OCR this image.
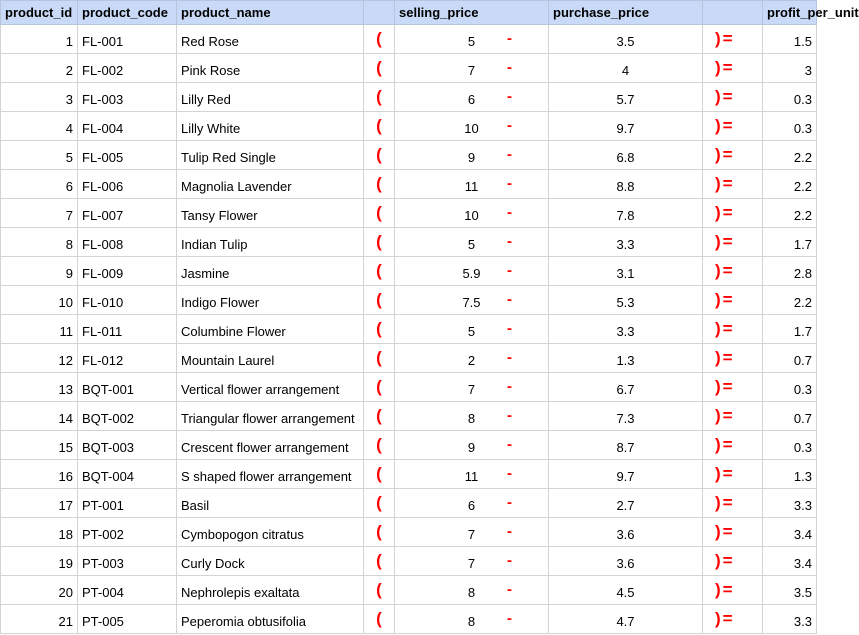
product_id	product_code	product_name		selling_price	purchase_price		profit_per_unit
1	FL-001	Red Rose	(	5	- 3.5	)=	1.5
2	FL-002	Pink Rose	(	7	- 4	)=	3
3	FL-003	Lilly Red	(	6	- 5.7	)=	0.3
4	FL-004	Lilly White	(	10	- 9.7	)=	0.3
5	FL-005	Tulip Red Single	(	9	- 6.8	)=	2.2
6	FL-006	Magnolia Lavender	(	11	- 8.8	)=	2.2
7	FL-007	Tansy Flower	(	10	- 7.8	)=	2.2
8	FL-008	Indian Tulip	(	5	- 3.3	)=	1.7
9	FL-009	Jasmine	(	5.9	- 3.1	)=	2.8
10	FL-010	Indigo Flower	(	7.5	- 5.3	)=	2.2
11	FL-011	Columbine Flower	(	5	- 3.3	)=	1.7
12	FL-012	Mountain Laurel	(	2	- 1.3	)=	0.7
13	BQT-001	Vertical flower arrangement	(	7	- 6.7	)=	0.3
14	BQT-002	Triangular flower arrangement	(	8	- 7.3	)=	0.7
15	BQT-003	Crescent flower arrangement	(	9	- 8.7	)=	0.3
16	BQT-004	S shaped flower arrangement	(	11	- 9.7	)=	1.3
17	PT-001	Basil	(	6	- 2.7	)=	3.3
18	PT-002	Cymbopogon citratus	(	7	- 3.6	)=	3.4
19	PT-003	Curly Dock	(	7	- 3.6	)=	3.4
20	PT-004	Nephrolepis exaltata	(	8	- 4.5	)=	3.5
21	PT-005	Peperomia obtusifolia	(	8	- 4.7	)=	3.3
